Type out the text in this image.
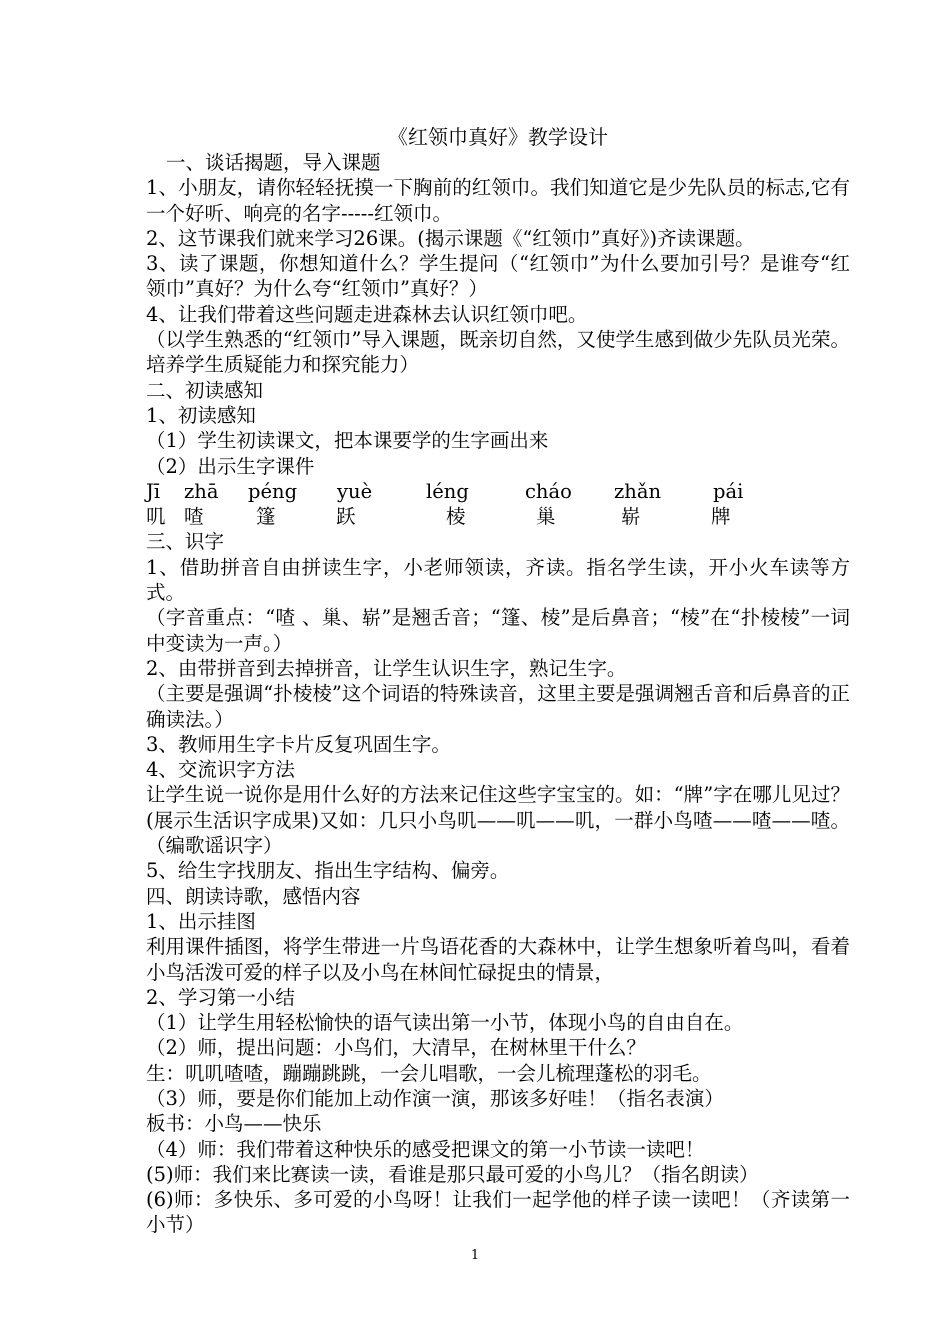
《红领巾真好》教学设计
一、谈话揭题，导入课题
1、小朋友，请你轻轻抚摸一下胸前的红领巾。我们知道它是少先队员的标志,它有一个好听、响亮的名字-----红领巾。
2、这节课我们就来学习26课。(揭示课题《“红领巾”真好》)齐读课题。
3、读了课题，你想知道什么？学生提问（“红领巾”为什么要加引号？是谁夸“红领巾”真好？为什么夸“红领巾”真好？）
4、让我们带着这些问题走进森林去认识红领巾吧。
（以学生熟悉的“红领巾”导入课题，既亲切自然，又使学生感到做少先队员光荣。培养学生质疑能力和探究能力）
二、初读感知
1、初读感知
（1）学生初读课文，把本课要学的生字画出来
（2）出示生字课件
Jī zhā péng yuè	léng	cháo zhǎn	pái
叽 喳	篷	跃	棱	巢	崭	牌
三、识字
1、借助拼音自由拼读生字，小老师领读，齐读。指名学生读，开小火车读等方式。
（字音重点：“喳 、巢、崭”是翘舌音；“篷、棱”是后鼻音；“棱”在“扑棱棱”一词中变读为一声。）
2、由带拼音到去掉拼音，让学生认识生字，熟记生字。
（主要是强调“扑棱棱”这个词语的特殊读音，这里主要是强调翘舌音和后鼻音的正确读法。）
3、教师用生字卡片反复巩固生字。
4、交流识字方法
让学生说一说你是用什么好的方法来记住这些字宝宝的。如：“牌”字在哪儿见过？(展示生活识字成果)又如：几只小鸟叽——叽——叽，一群小鸟喳——喳——喳。（编歌谣识字）
5、给生字找朋友、指出生字结构、偏旁。
四、朗读诗歌，感悟内容
1、出示挂图
利用课件插图，将学生带进一片鸟语花香的大森林中，让学生想象听着鸟叫，看着小鸟活泼可爱的样子以及小鸟在林间忙碌捉虫的情景，
2、学习第一小结
（1）让学生用轻松愉快的语气读出第一小节，体现小鸟的自由自在。
（2）师，提出问题：小鸟们，大清早，在树林里干什么？
生：叽叽喳喳，蹦蹦跳跳，一会儿唱歌，一会儿梳理蓬松的羽毛。
（3）师，要是你们能加上动作演一演，那该多好哇！（指名表演）
板书：小鸟——快乐
（4）师：我们带着这种快乐的感受把课文的第一小节读一读吧！
(5)师：我们来比赛读一读，看谁是那只最可爱的小鸟儿？（指名朗读）
(6)师：多快乐、多可爱的小鸟呀！让我们一起学他的样子读一读吧！（齐读第一小节）
1
